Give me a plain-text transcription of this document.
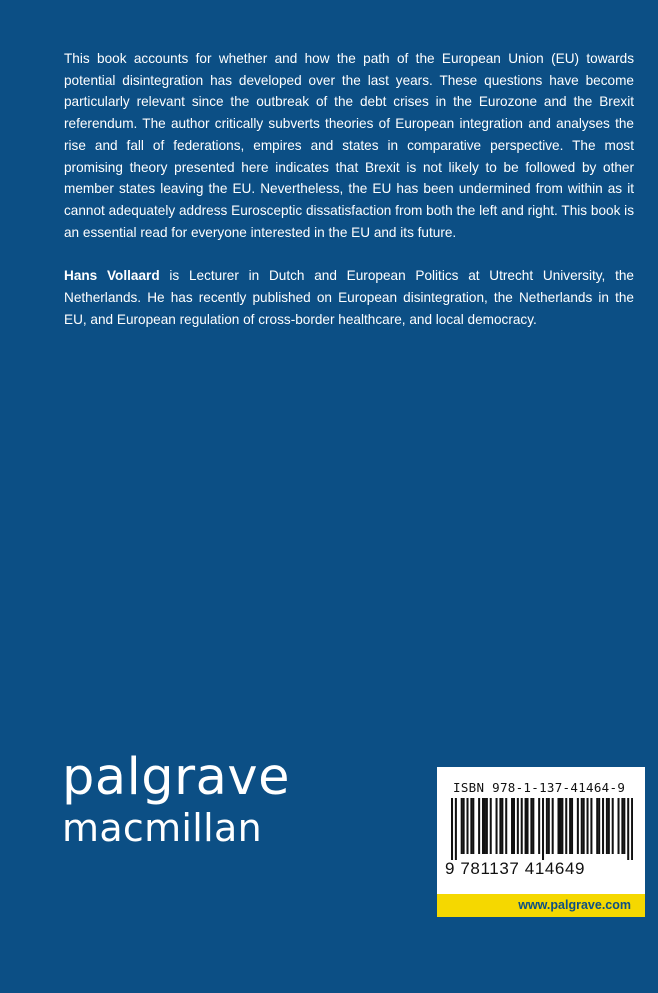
This book accounts for whether and how the path of the European Union (EU) towards potential disintegration has developed over the last years. These questions have become particularly relevant since the outbreak of the debt crises in the Eurozone and the Brexit referendum. The author critically subverts theories of European integration and analyses the rise and fall of federations, empires and states in comparative perspective. The most promising theory presented here indicates that Brexit is not likely to be followed by other member states leaving the EU. Nevertheless, the EU has been undermined from within as it cannot adequately address Eurosceptic dissatisfaction from both the left and right. This book is an essential read for everyone interested in the EU and its future.

Hans Vollaard is Lecturer in Dutch and European Politics at Utrecht University, the Netherlands. He has recently published on European disintegration, the Netherlands in the EU, and European regulation of cross-border healthcare, and local democracy.

palgrave
macmillan
ISBN 978-1-137-41464-9
9 781137 414649
www.palgrave.com
